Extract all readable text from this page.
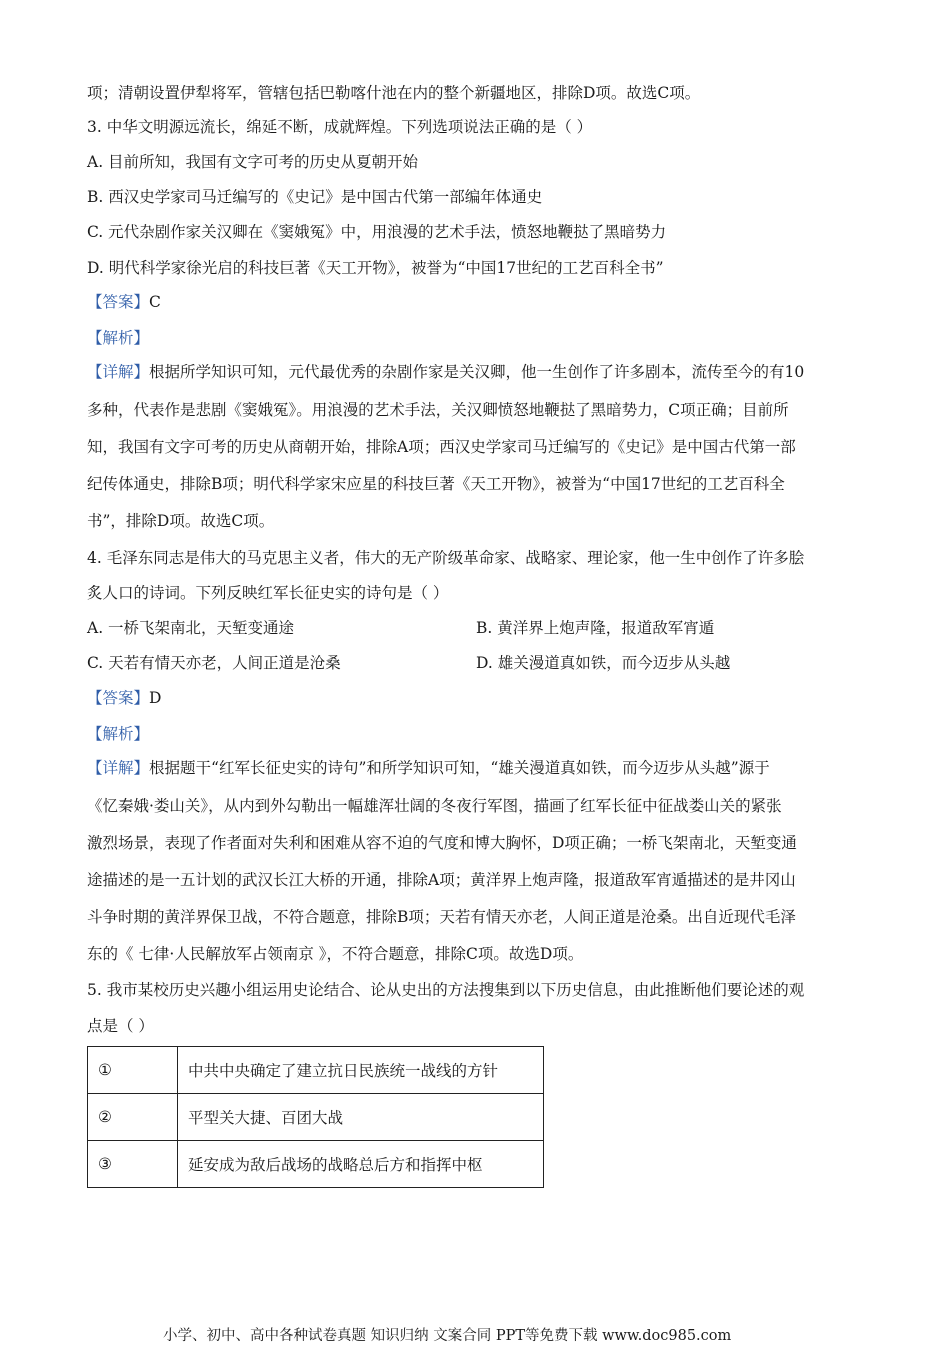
项；清朝设置伊犁将军，管辖包括巴勒喀什池在内的整个新疆地区，排除D项。故选C项。
3. 中华文明源远流长，绵延不断，成就辉煌。下列选项说法正确的是（ ）
A. 目前所知，我国有文字可考的历史从夏朝开始
B. 西汉史学家司马迁编写的《史记》是中国古代第一部编年体通史
C. 元代杂剧作家关汉卿在《窦娥冤》中，用浪漫的艺术手法，愤怒地鞭挞了黑暗势力
D. 明代科学家徐光启的科技巨著《天工开物》，被誉为“中国17世纪的工艺百科全书”
【答案】C
【解析】
【详解】根据所学知识可知，元代最优秀的杂剧作家是关汉卿，他一生创作了许多剧本，流传至今的有10
多种，代表作是悲剧《窦娥冤》。用浪漫的艺术手法，关汉卿愤怒地鞭挞了黑暗势力，C项正确；目前所
知，我国有文字可考的历史从商朝开始，排除A项；西汉史学家司马迁编写的《史记》是中国古代第一部
纪传体通史，排除B项；明代科学家宋应星的科技巨著《天工开物》，被誉为“中国17世纪的工艺百科全
书”，排除D项。故选C项。
4. 毛泽东同志是伟大的马克思主义者，伟大的无产阶级革命家、战略家、理论家，他一生中创作了许多脍
炙人口的诗词。下列反映红军长征史实的诗句是（ ）
A. 一桥飞架南北，天堑变通途	B. 黄洋界上炮声隆，报道敌军宵遁
C. 天若有情天亦老，人间正道是沧桑	D. 雄关漫道真如铁，而今迈步从头越
【答案】D
【解析】
【详解】根据题干“红军长征史实的诗句”和所学知识可知，“雄关漫道真如铁，而今迈步从头越”源于
《忆秦娥·娄山关》，从内到外勾勒出一幅雄浑壮阔的冬夜行军图，描画了红军长征中征战娄山关的紧张
激烈场景，表现了作者面对失利和困难从容不迫的气度和博大胸怀，D项正确；一桥飞架南北，天堑变通
途描述的是一五计划的武汉长江大桥的开通，排除A项；黄洋界上炮声隆，报道敌军宵遁描述的是井冈山
斗争时期的黄洋界保卫战，不符合题意，排除B项；天若有情天亦老，人间正道是沧桑。出自近现代毛泽
东的《 七律·人民解放军占领南京 》，不符合题意，排除C项。故选D项。
5. 我市某校历史兴趣小组运用史论结合、论从史出的方法搜集到以下历史信息，由此推断他们要论述的观
点是（ ）
①	中共中央确定了建立抗日民族统一战线的方针
②	平型关大捷、百团大战
③	延安成为敌后战场的战略总后方和指挥中枢
小学、初中、高中各种试卷真题 知识归纳 文案合同 PPT等免费下载 www.doc985.com
